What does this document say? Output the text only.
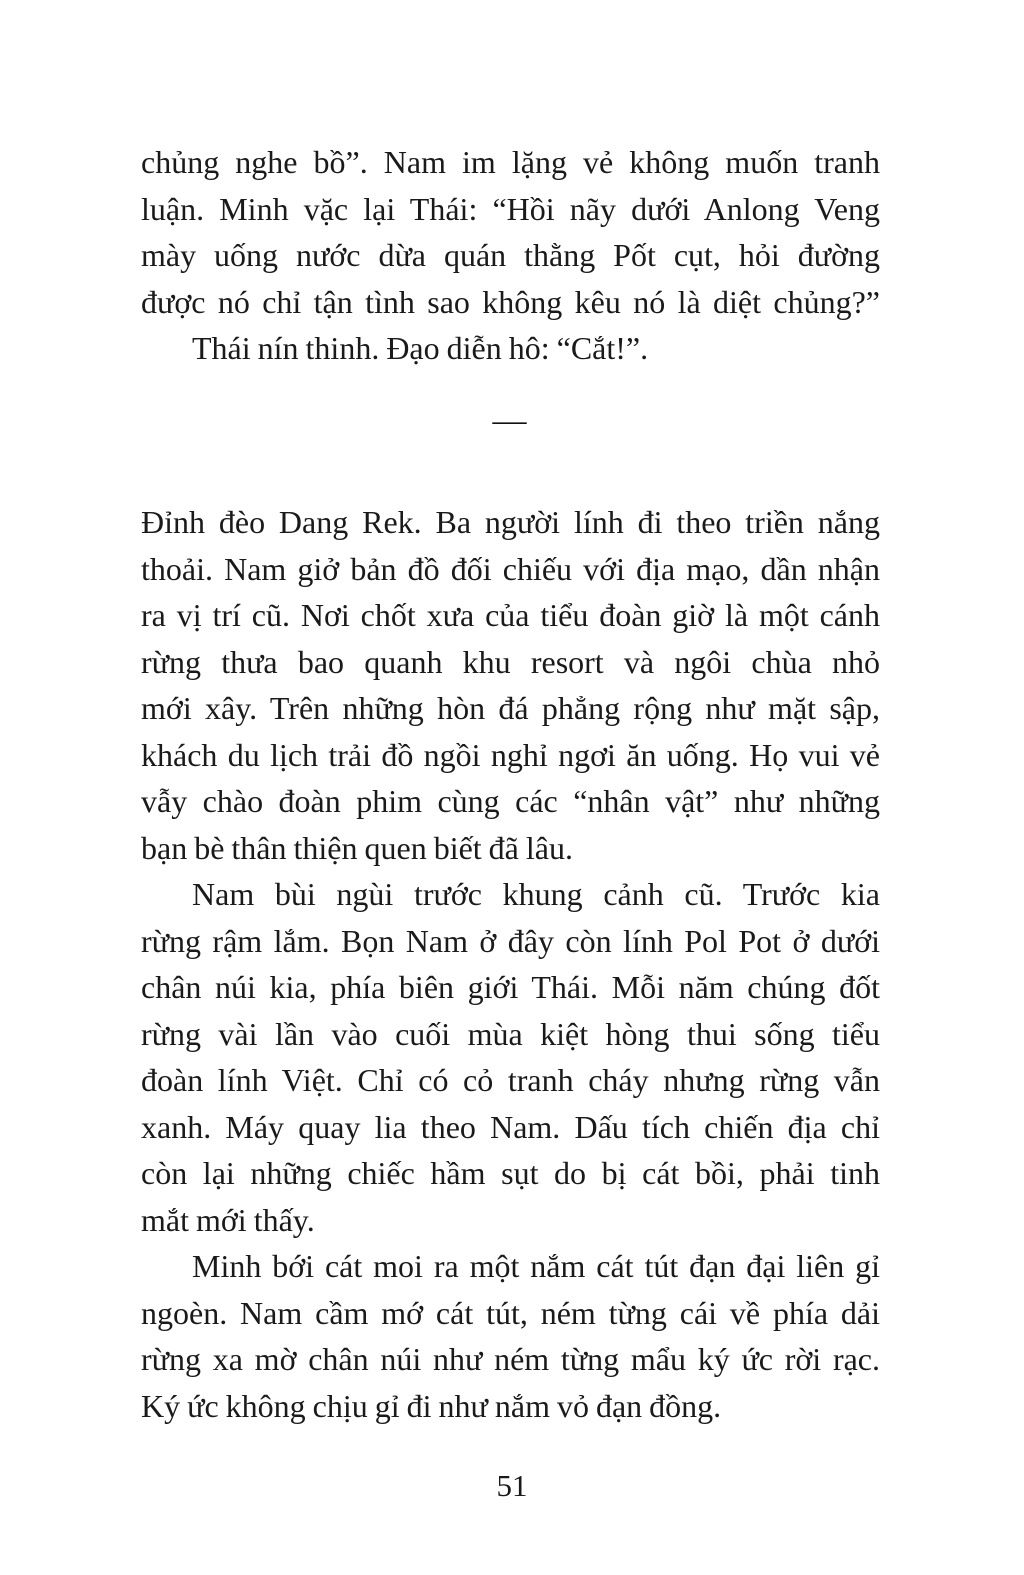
chủng nghe bồ”. Nam im lặng vẻ không muốn tranh
luận. Minh vặc lại Thái: “Hồi nãy dưới Anlong Veng
mày uống nước dừa quán thằng Pốt cụt, hỏi đường
được nó chỉ tận tình sao không kêu nó là diệt chủng?”

Thái nín thinh. Đạo diễn hô: “Cắt!”.

—

Đỉnh đèo Dang Rek. Ba người lính đi theo triền nắng
thoải. Nam giở bản đồ đối chiếu với địa mạo, dần nhận
ra vị trí cũ. Nơi chốt xưa của tiểu đoàn giờ là một cánh
rừng thưa bao quanh khu resort và ngôi chùa nhỏ
mới xây. Trên những hòn đá phẳng rộng như mặt sập,
khách du lịch trải đồ ngồi nghỉ ngơi ăn uống. Họ vui vẻ
vẫy chào đoàn phim cùng các “nhân vật” như những
bạn bè thân thiện quen biết đã lâu.

Nam bùi ngùi trước khung cảnh cũ. Trước kia
rừng rậm lắm. Bọn Nam ở đây còn lính Pol Pot ở dưới
chân núi kia, phía biên giới Thái. Mỗi năm chúng đốt
rừng vài lần vào cuối mùa kiệt hòng thui sống tiểu
đoàn lính Việt. Chỉ có cỏ tranh cháy nhưng rừng vẫn
xanh. Máy quay lia theo Nam. Dấu tích chiến địa chỉ
còn lại những chiếc hầm sụt do bị cát bồi, phải tinh
mắt mới thấy.

Minh bới cát moi ra một nắm cát tút đạn đại liên gỉ
ngoèn. Nam cầm mớ cát tút, ném từng cái về phía dải
rừng xa mờ chân núi như ném từng mẩu ký ức rời rạc.
Ký ức không chịu gỉ đi như nắm vỏ đạn đồng.

51
